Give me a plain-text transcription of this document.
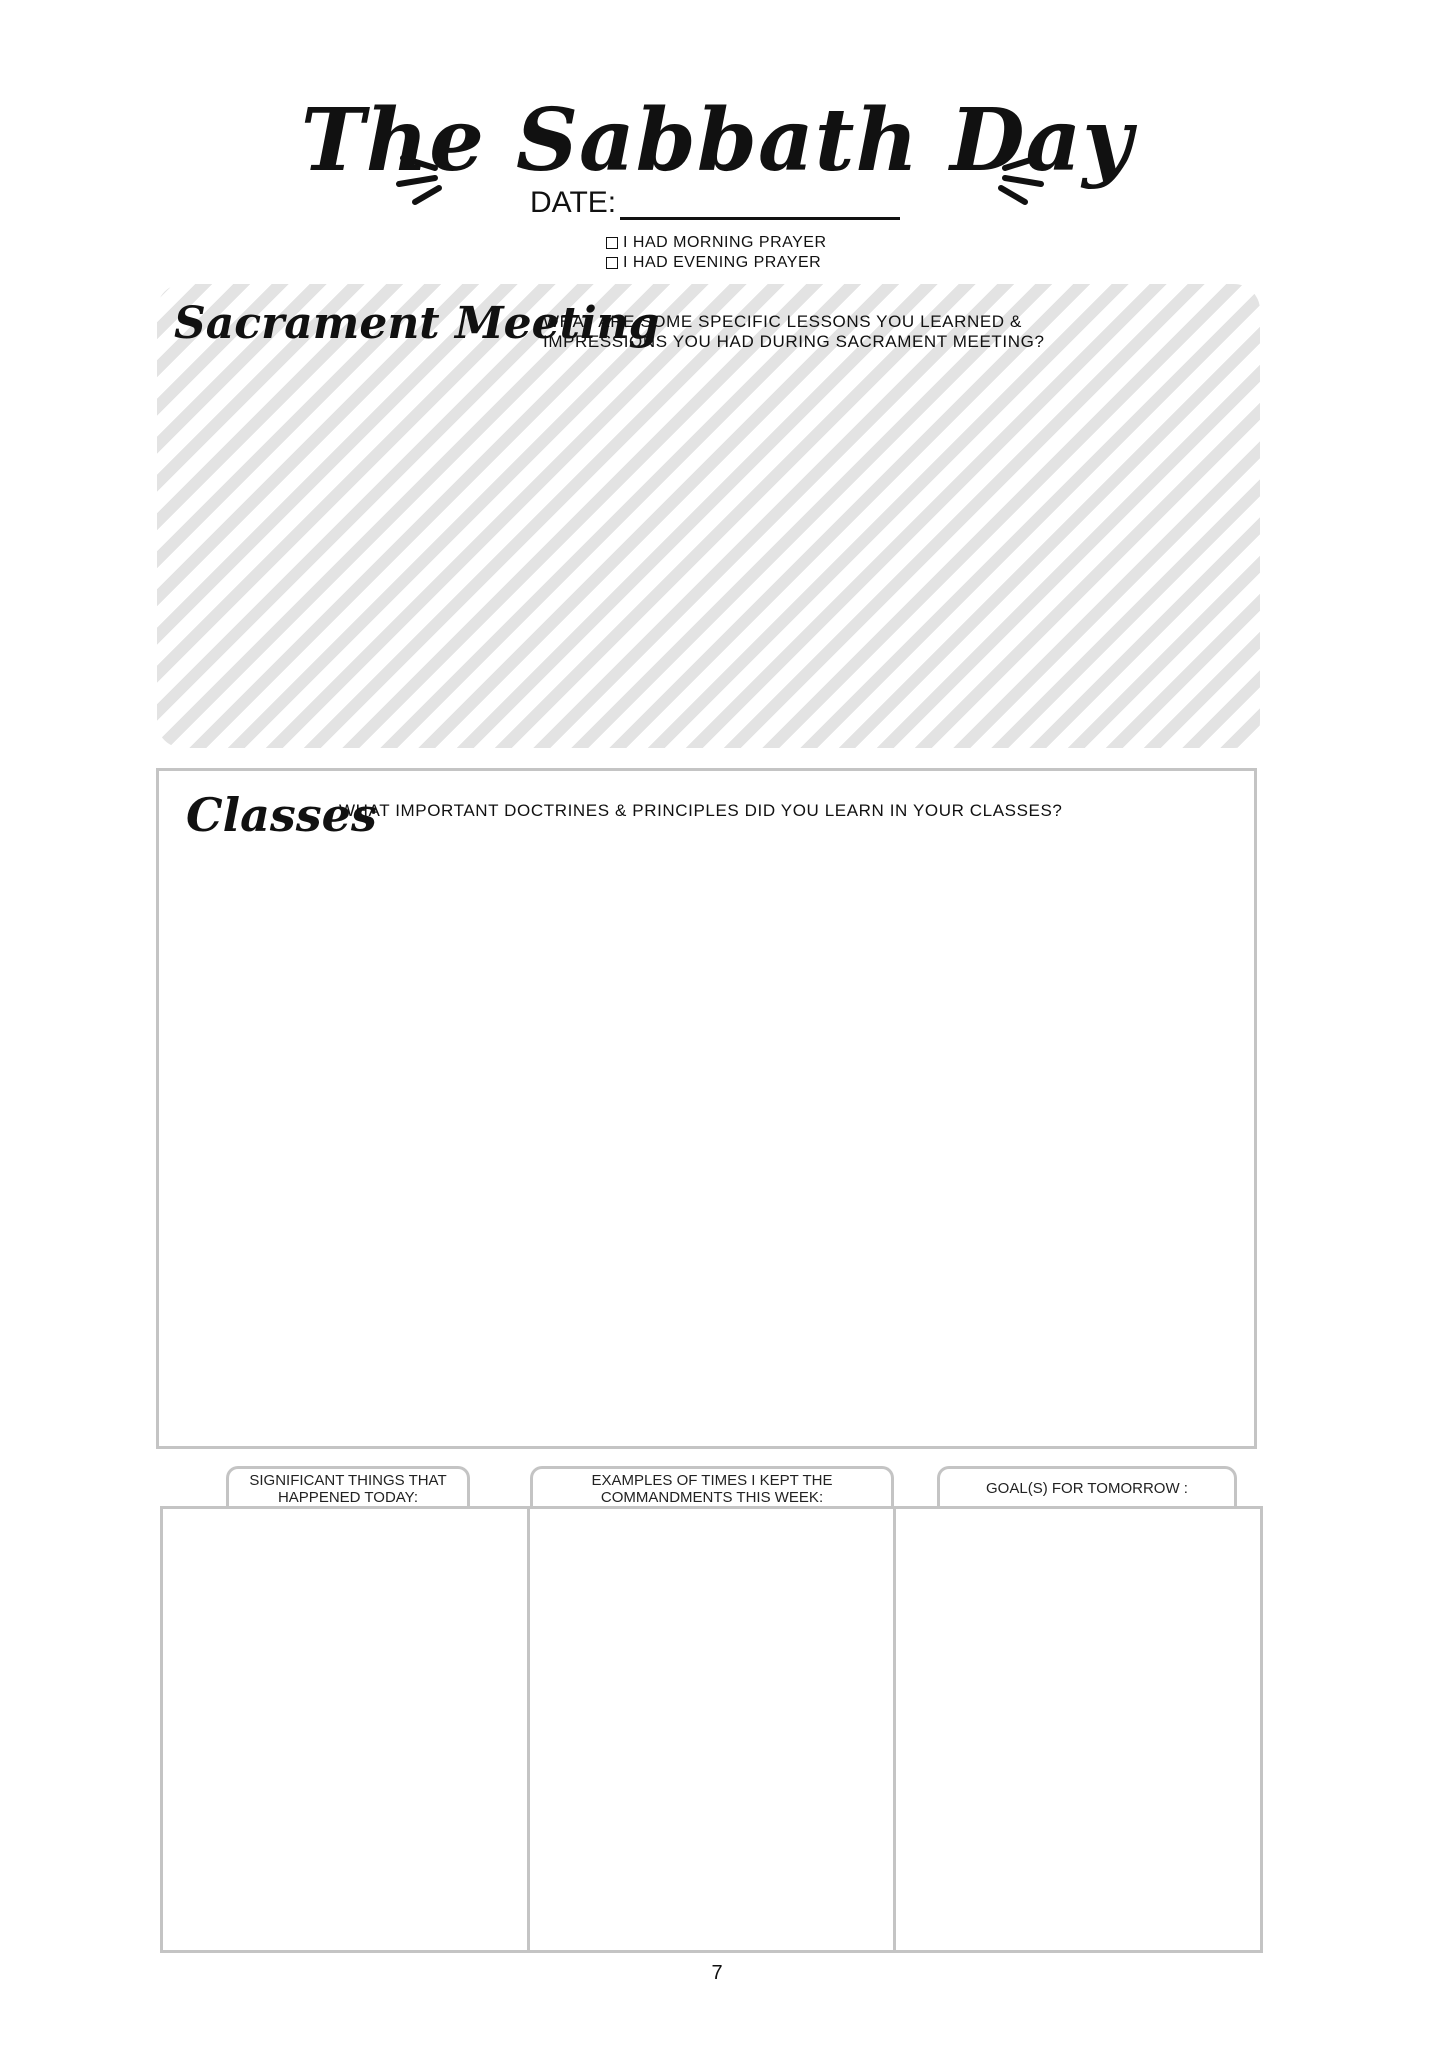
The Sabbath Day
DATE:
I HAD MORNING PRAYER
I HAD EVENING PRAYER
Sacrament Meeting
WHAT ARE SOME SPECIFIC LESSONS YOU LEARNED &
IMPRESSIONS YOU HAD DURING SACRAMENT MEETING?
Classes
WHAT IMPORTANT DOCTRINES & PRINCIPLES DID YOU LEARN IN YOUR CLASSES?
SIGNIFICANT THINGS THAT
HAPPENED TODAY:
EXAMPLES OF TIMES I KEPT THE
COMMANDMENTS THIS WEEK:	GOAL(S) FOR TOMORROW :
7
